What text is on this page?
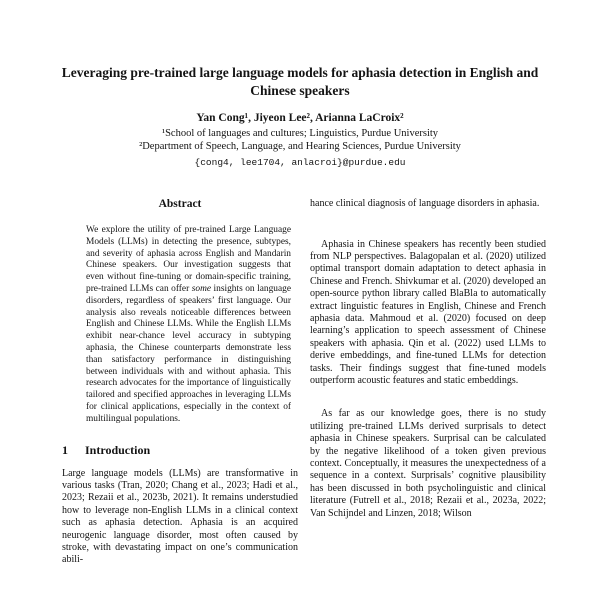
Leveraging pre-trained large language models for aphasia detection in English and Chinese speakers
Yan Cong¹, Jiyeon Lee², Arianna LaCroix²
¹School of languages and cultures; Linguistics, Purdue University
²Department of Speech, Language, and Hearing Sciences, Purdue University
{cong4, lee1704, anlacroi}@purdue.edu
Abstract
We explore the utility of pre-trained Large Language Models (LLMs) in detecting the presence, subtypes, and severity of aphasia across English and Mandarin Chinese speakers. Our investigation suggests that even without fine-tuning or domain-specific training, pre-trained LLMs can offer some insights on language disorders, regardless of speakers’ first language. Our analysis also reveals noticeable differences between English and Chinese LLMs. While the English LLMs exhibit near-chance level accuracy in subtyping aphasia, the Chinese counterparts demonstrate less than satisfactory performance in distinguishing between individuals with and without aphasia. This research advocates for the importance of linguistically tailored and specified approaches in leveraging LLMs for clinical applications, especially in the context of multilingual populations.
1 Introduction

Large language models (LLMs) are transformative in various tasks (Tran, 2020; Chang et al., 2023; Hadi et al., 2023; Rezaii et al., 2023b, 2021). It remains understudied how to leverage non-English LLMs in a clinical context such as aphasia detection. Aphasia is an acquired neurogenic language disorder, most often caused by stroke, with devastating impact on one’s communication abili-

hance clinical diagnosis of language disorders in aphasia.

Aphasia in Chinese speakers has recently been studied from NLP perspectives. Balagopalan et al. (2020) utilized optimal transport domain adaptation to detect aphasia in Chinese and French. Shivkumar et al. (2020) developed an open-source python library called BlaBla to automatically extract linguistic features in English, Chinese and French aphasia data. Mahmoud et al. (2020) focused on deep learning’s application to speech assessment of Chinese speakers with aphasia. Qin et al. (2022) used LLMs to derive embeddings, and fine-tuned LLMs for detection tasks. Their findings suggest that fine-tuned models outperform acoustic features and static embeddings.

As far as our knowledge goes, there is no study utilizing pre-trained LLMs derived surprisals to detect aphasia in Chinese speakers. Surprisal can be calculated by the negative likelihood of a token given previous context. Conceptually, it measures the unexpectedness of a sequence in a context. Surprisals’ cognitive plausibility has been discussed in both psycholinguistic and clinical literature (Futrell et al., 2018; Rezaii et al., 2023a, 2022; Van Schijndel and Linzen, 2018; Wilson
